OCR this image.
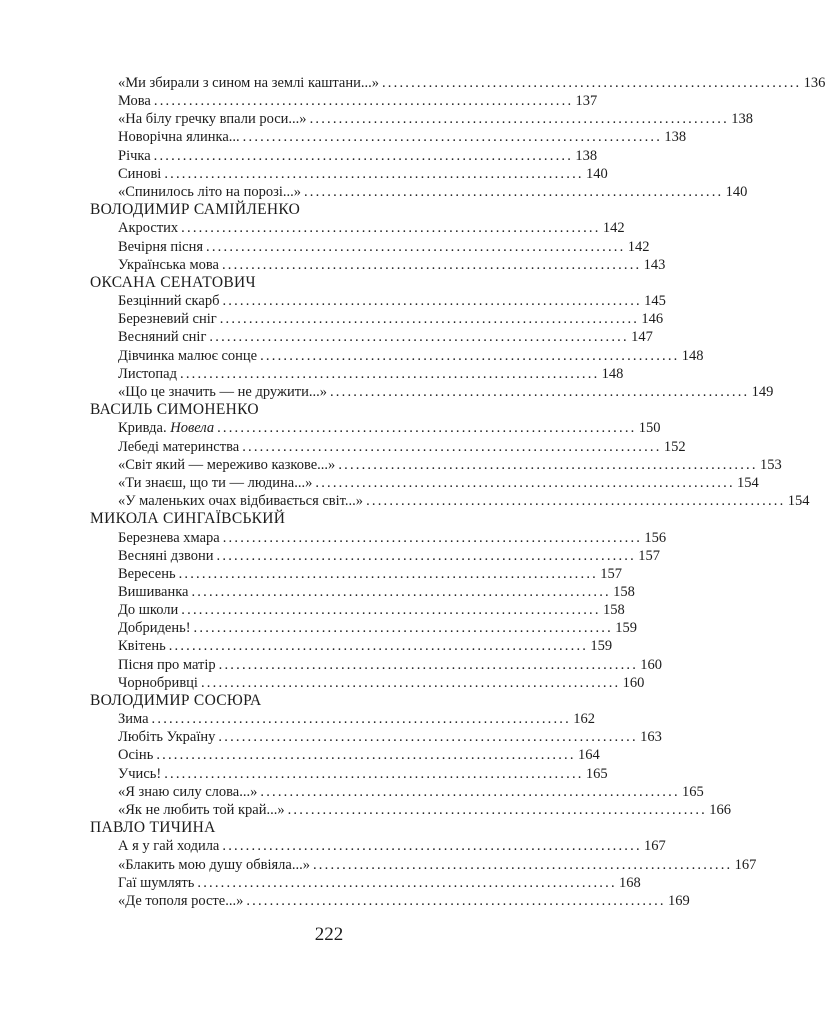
«Ми збирали з сином на землі каштани...» ........................................................................ 136
Мова ........................................................................ 137
«На білу гречку впали роси...» ........................................................................ 138
Новорічна ялинка... ........................................................................ 138
Річка ........................................................................ 138
Синові ........................................................................ 140
«Спинилось літо на порозі...» ........................................................................ 140
ВОЛОДИМИР САМІЙЛЕНКО
Акростих ........................................................................ 142
Вечірня пісня ........................................................................ 142
Українська мова ........................................................................ 143
ОКСАНА СЕНАТОВИЧ
Безцінний скарб ........................................................................ 145
Березневий сніг ........................................................................ 146
Весняний сніг ........................................................................ 147
Дівчинка малює сонце ........................................................................ 148
Листопад ........................................................................ 148
«Що це значить — не дружити...» ........................................................................ 149
ВАСИЛЬ СИМОНЕНКО
Кривда. Новела ........................................................................ 150
Лебеді материнства ........................................................................ 152
«Світ який — мереживо казкове...» ........................................................................ 153
«Ти знаєш, що ти — людина...» ........................................................................ 154
«У маленьких очах відбивається світ...» ........................................................................ 154
МИКОЛА СИНГАЇВСЬКИЙ
Березнева хмара ........................................................................ 156
Весняні дзвони ........................................................................ 157
Вересень ........................................................................ 157
Вишиванка ........................................................................ 158
До школи ........................................................................ 158
Добридень! ........................................................................ 159
Квітень ........................................................................ 159
Пісня про матір ........................................................................ 160
Чорнобривці ........................................................................ 160
ВОЛОДИМИР СОСЮРА
Зима ........................................................................ 162
Любіть Україну ........................................................................ 163
Осінь ........................................................................ 164
Учись! ........................................................................ 165
«Я знаю силу слова...» ........................................................................ 165
«Як не любить той край...» ........................................................................ 166
ПАВЛО ТИЧИНА
А я у гай ходила ........................................................................ 167
«Блакить мою душу обвіяла...» ........................................................................ 167
Гаї шумлять ........................................................................ 168
«Де тополя росте...» ........................................................................ 169
222
